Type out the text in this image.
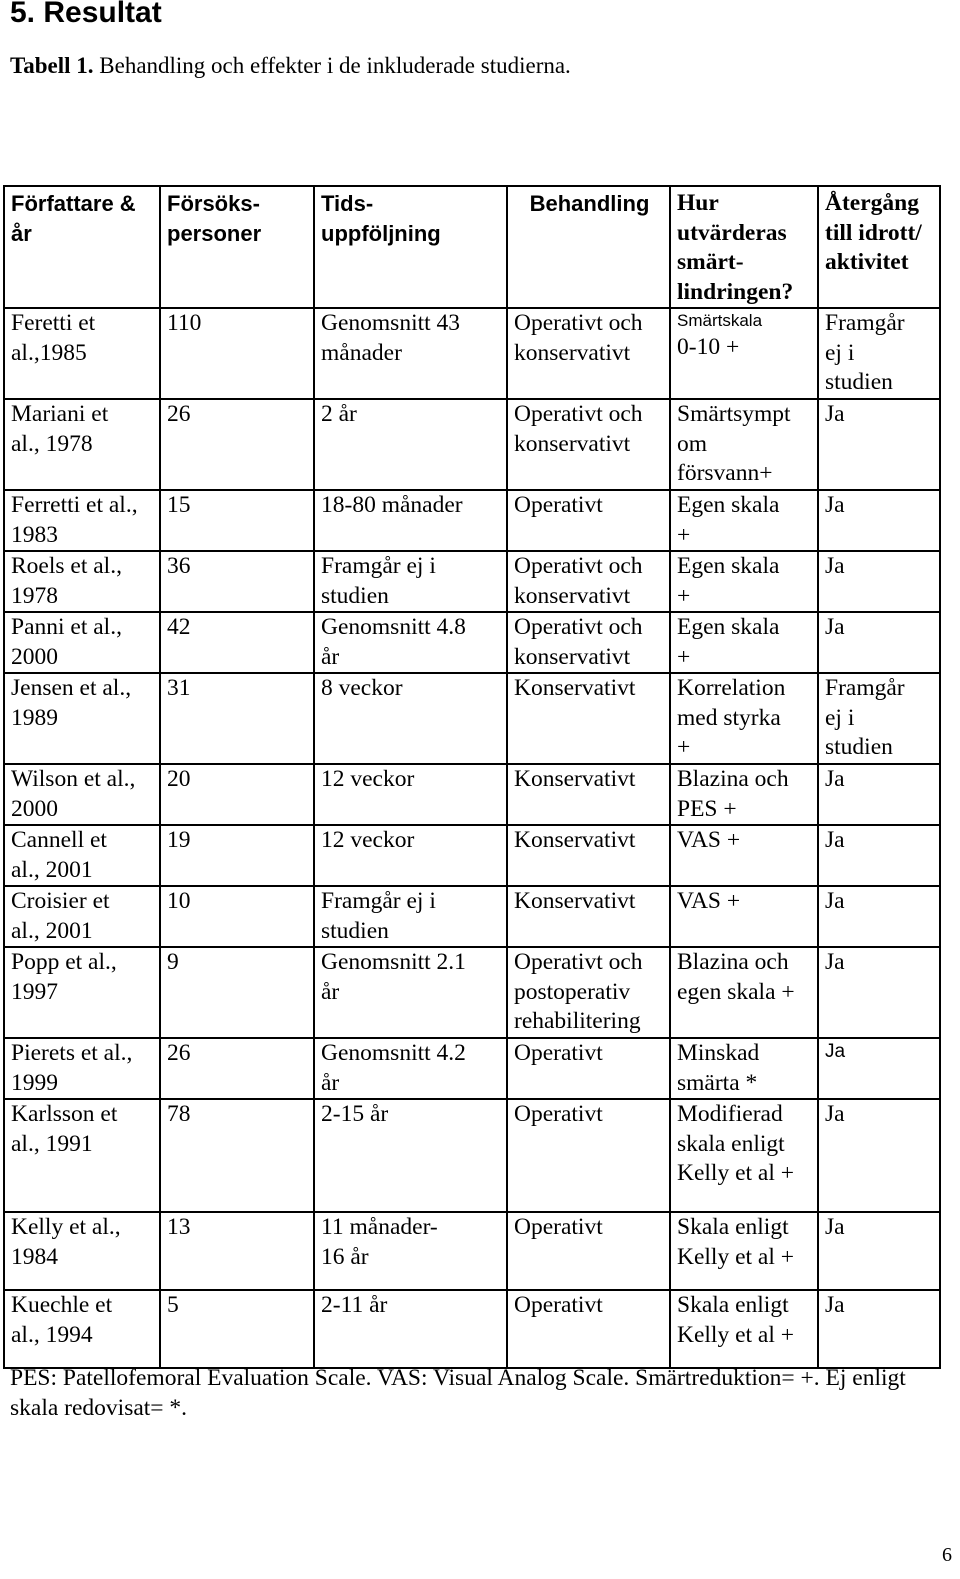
5. Resultat
Tabell 1. Behandling och effekter i de inkluderade studierna.
Författare &
år	Försöks-
personer	Tids-
uppföljning	Behandling	Hur
utvärderas
smärt-
lindringen?	Återgång
till idrott/
aktivitet

Feretti et
al.,1985	110	Genomsnitt 43
månader	Operativt och
konservativt	Smärtskala
0-10 +	Framgår
ej i
studien

Mariani et
al., 1978	26	2 år	Operativt och
konservativt	Smärtsympt
om
försvann+	Ja

Ferretti et al.,
1983	15	18-80 månader	Operativt	Egen skala
+	Ja

Roels et al.,
1978	36	Framgår ej i
studien	Operativt och
konservativt	Egen skala
+	Ja

Panni et al.,
2000	42	Genomsnitt 4.8
år	Operativt och
konservativt	Egen skala
+	Ja

Jensen et al.,
1989	31	8 veckor	Konservativt	Korrelation
med styrka
+	Framgår
ej i
studien

Wilson et al.,
2000	20	12 veckor	Konservativt	Blazina och
PES +	Ja

Cannell et
al., 2001	19	12 veckor	Konservativt	VAS +	Ja

Croisier et
al., 2001	10	Framgår ej i
studien	Konservativt	VAS +	Ja

Popp et al.,
1997	9	Genomsnitt 2.1
år	Operativt och
postoperativ
rehabilitering	Blazina och
egen skala +	Ja

Pierets et al.,
1999	26	Genomsnitt 4.2
år	Operativt	Minskad
smärta *	Ja

Karlsson et
al., 1991	78	2-15 år	Operativt	Modifierad
skala enligt
Kelly et al +	Ja

Kelly et al.,
1984	13	11 månader-
16 år	Operativt	Skala enligt
Kelly et al +	Ja

Kuechle et
al., 1994	5	2-11 år	Operativt	Skala enligt
Kelly et al +	Ja
PES: Patellofemoral Evaluation Scale. VAS: Visual Analog Scale. Smärtreduktion= +. Ej enligt skala redovisat= *.
6
